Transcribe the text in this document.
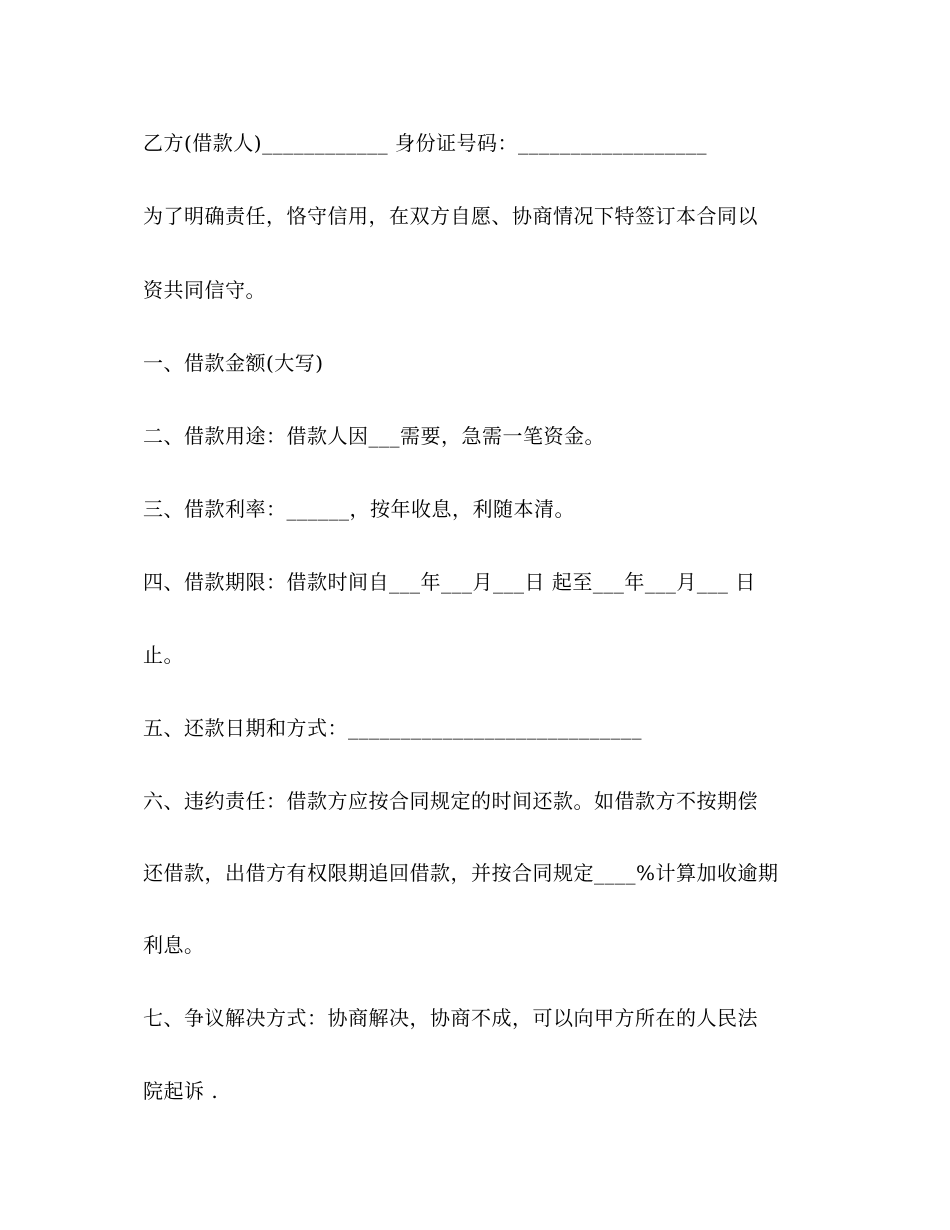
乙方(借款人)____________ 身份证号码：__________________
为了明确责任，恪守信用，在双方自愿、协商情况下特签订本合同以
资共同信守。
一、借款金额(大写)
二、借款用途：借款人因___需要，急需一笔资金。
三、借款利率：______，按年收息，利随本清。
四、借款期限：借款时间自___年___月___日 起至___年___月___ 日
止。
五、还款日期和方式：____________________________
六、违约责任：借款方应按合同规定的时间还款。如借款方不按期偿
还借款，出借方有权限期追回借款，并按合同规定____%计算加收逾期
利息。
七、争议解决方式：协商解决，协商不成，可以向甲方所在的人民法
院起诉 .
